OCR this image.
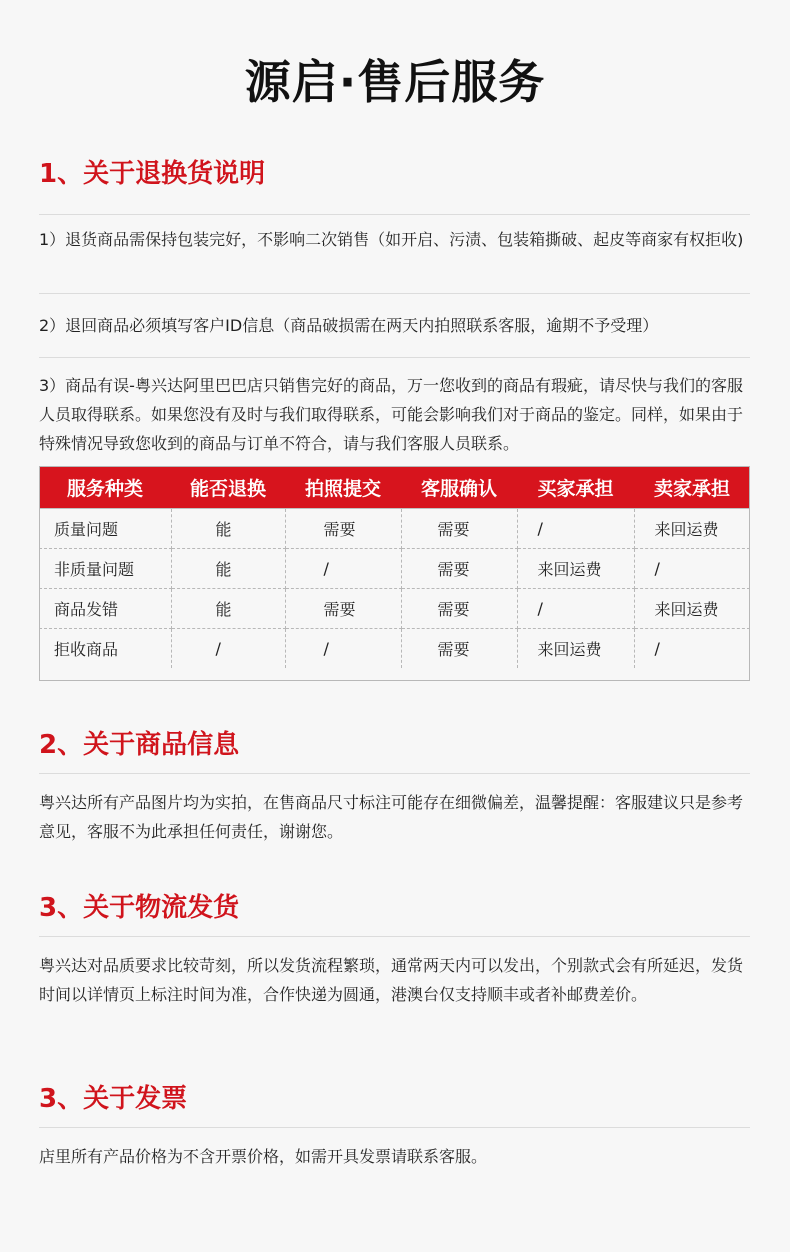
源启·售后服务
1、关于退换货说明
1）退货商品需保持包装完好，不影响二次销售（如开启、污渍、包装箱撕破、起皮等商家有权拒收)
2）退回商品必须填写客户ID信息（商品破损需在两天内拍照联系客服，逾期不予受理）
3）商品有误-粤兴达阿里巴巴店只销售完好的商品，万一您收到的商品有瑕疵，请尽快与我们的客服人员取得联系。如果您没有及时与我们取得联系，可能会影响我们对于商品的鉴定。同样，如果由于特殊情况导致您收到的商品与订单不符合，请与我们客服人员联系。
服务种类	能否退换	拍照提交	客服确认	买家承担	卖家承担
质量问题	能	需要	需要	/	来回运费
非质量问题	能	/	需要	来回运费	/
商品发错	能	需要	需要	/	来回运费
拒收商品	/	/	需要	来回运费	/
2、关于商品信息
粤兴达所有产品图片均为实拍，在售商品尺寸标注可能存在细微偏差，温馨提醒：客服建议只是参考意见，客服不为此承担任何责任，谢谢您。
3、关于物流发货
粤兴达对品质要求比较苛刻，所以发货流程繁琐，通常两天内可以发出，个别款式会有所延迟，发货时间以详情页上标注时间为准，合作快递为圆通，港澳台仅支持顺丰或者补邮费差价。
3、关于发票
店里所有产品价格为不含开票价格，如需开具发票请联系客服。
